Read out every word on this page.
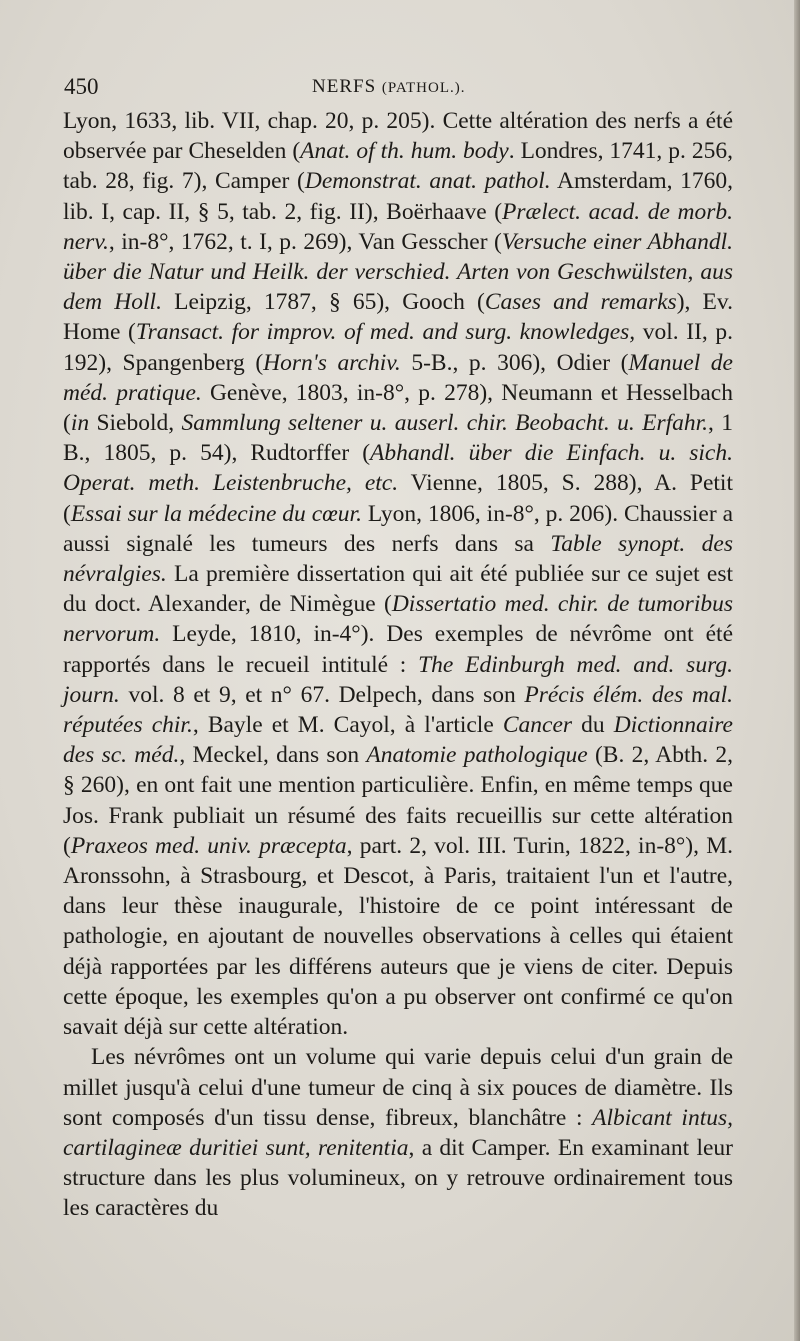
450	NERFS (PATHOL.).

Lyon, 1633, lib. VII, chap. 20, p. 205). Cette altération des nerfs a été observée par Cheselden (Anat. of th. hum. body. Londres, 1741, p. 256, tab. 28, fig. 7), Camper (Demonstrat. anat. pathol. Amsterdam, 1760, lib. I, cap. II, § 5, tab. 2, fig. II), Boërhaave (Prælect. acad. de morb. nerv., in-8°, 1762, t. I, p. 269), Van Gesscher (Versuche einer Abhandl. über die Natur und Heilk. der verschied. Arten von Geschwülsten, aus dem Holl. Leipzig, 1787, § 65), Gooch (Cases and remarks), Ev. Home (Transact. for improv. of med. and surg. knowledges, vol. II, p. 192), Spangenberg (Horn's archiv. 5-B., p. 306), Odier (Manuel de méd. pratique. Genève, 1803, in-8°, p. 278), Neumann et Hesselbach (in Siebold, Sammlung seltener u. auserl. chir. Beobacht. u. Erfahr., 1 B., 1805, p. 54), Rudtorffer (Abhandl. über die Einfach. u. sich. Operat. meth. Leistenbruche, etc. Vienne, 1805, S. 288), A. Petit (Essai sur la médecine du cœur. Lyon, 1806, in-8°, p. 206). Chaussier a aussi signalé les tumeurs des nerfs dans sa Table synopt. des névralgies. La première dissertation qui ait été publiée sur ce sujet est du doct. Alexander, de Nimègue (Dissertatio med. chir. de tumoribus nervorum. Leyde, 1810, in-4°). Des exemples de névrôme ont été rapportés dans le recueil intitulé : The Edinburgh med. and. surg. journ. vol. 8 et 9, et n° 67. Delpech, dans son Précis élém. des mal. réputées chir., Bayle et M. Cayol, à l'article Cancer du Dictionnaire des sc. méd., Meckel, dans son Anatomie pathologique (B. 2, Abth. 2, § 260), en ont fait une mention particulière. Enfin, en même temps que Jos. Frank publiait un résumé des faits recueillis sur cette altération (Praxeos med. univ. præcepta, part. 2, vol. III. Turin, 1822, in-8°), M. Aronssohn, à Strasbourg, et Descot, à Paris, traitaient l'un et l'autre, dans leur thèse inaugurale, l'histoire de ce point intéressant de pathologie, en ajoutant de nouvelles observations à celles qui étaient déjà rapportées par les différens auteurs que je viens de citer. Depuis cette époque, les exemples qu'on a pu observer ont confirmé ce qu'on savait déjà sur cette altération.

Les névrômes ont un volume qui varie depuis celui d'un grain de millet jusqu'à celui d'une tumeur de cinq à six pouces de diamètre. Ils sont composés d'un tissu dense, fibreux, blanchâtre : Albicant intus, cartilagineæ duritiei sunt, renitentia, a dit Camper. En examinant leur structure dans les plus volumineux, on y retrouve ordinairement tous les caractères du
